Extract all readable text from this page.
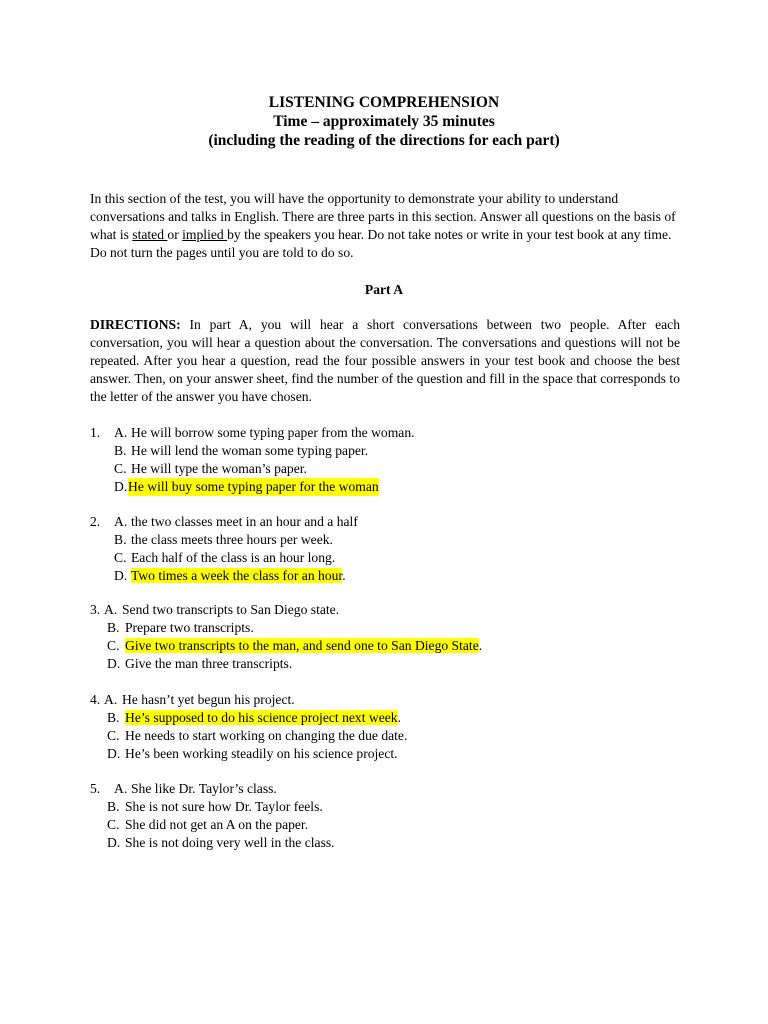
LISTENING COMPREHENSION
Time – approximately 35 minutes
(including the reading of the directions for each part)
In this section of the test, you will have the opportunity to demonstrate your ability to understand conversations and talks in English. There are three parts in this section. Answer all questions on the basis of what is stated or implied by the speakers you hear. Do not take notes or write in your test book at any time. Do not turn the pages until you are told to do so.
Part A
DIRECTIONS: In part A, you will hear a short conversations between two people. After each conversation, you will hear a question about the conversation. The conversations and questions will not be repeated. After you hear a question, read the four possible answers in your test book and choose the best answer. Then, on your answer sheet, find the number of the question and fill in the space that corresponds to the letter of the answer you have chosen.
1. A. He will borrow some typing paper from the woman.
B. He will lend the woman some typing paper.
C. He will type the woman’s paper.
D. He will buy some typing paper for the woman
2. A. the two classes meet in an hour and a half
B. the class meets three hours per week.
C. Each half of the class is an hour long.
D. Two times a week the class for an hour.
3. A. Send two transcripts to San Diego state.
B. Prepare two transcripts.
C. Give two transcripts to the man, and send one to San Diego State.
D. Give the man three transcripts.
4. A. He hasn’t yet begun his project.
B. He’s supposed to do his science project next week.
C. He needs to start working on changing the due date.
D. He’s been working steadily on his science project.
5. A. She like Dr. Taylor’s class.
B. She is not sure how Dr. Taylor feels.
C. She did not get an A on the paper.
D. She is not doing very well in the class.
